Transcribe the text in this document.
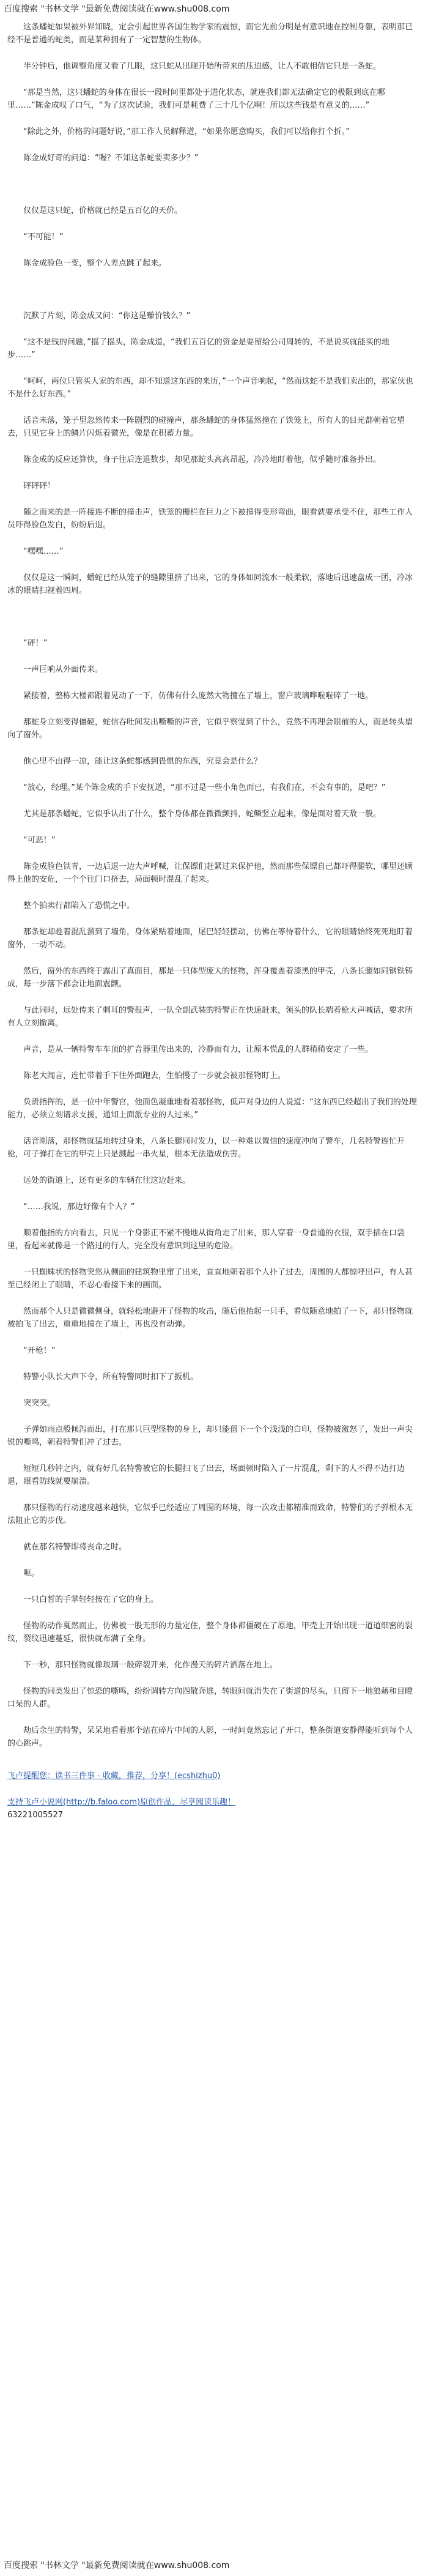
百度搜索 "书林文学 "最新免费阅读就在www.shu008.com

　　这条蟠蛇如果被外界知晓，定会引起世界各国生物学家的震惊，而它先前分明是有意识地在控制身躯，表明那已经不是普通的蛇类，而是某种拥有了一定智慧的生物体。

　　半分钟后，他调整角度又看了几眼，这只蛇从出现开始所带来的压迫感，让人不敢相信它只是一条蛇。

　　“那是当然，这只蟠蛇的身体在很长一段时间里都处于进化状态，就连我们都无法确定它的极限到底在哪里……”陈金成叹了口气，“为了这次试验，我们可是耗费了三十几个亿啊！所以这些钱是有意义的……”

　　“除此之外，价格的问题好说，”那工作人员解释道，“如果你愿意购买，我们可以给你打个折。”

　　陈金成好奇的问道：“喔？不知这条蛇要卖多少？”

　　仅仅是这只蛇，价格就已经是五百亿的天价。

　　“不可能！”

　　陈金成脸色一变，整个人差点跳了起来。

　　沉默了片刻，陈金成又问：“你这是赚价钱么？”

　　“这不是钱的问题，”摇了摇头，陈金成道，“我们五百亿的资金是要留给公司周转的，不是说买就能买的地步……”

　　“呵呵，两位只管买人家的东西，却不知道这东西的来历，”一个声音响起，“然而这蛇不是我们卖出的，那家伙也不是什么好东西。”

　　话音未落，笼子里忽然传来一阵剧烈的碰撞声，那条蟠蛇的身体猛然撞在了铁笼上，所有人的目光都朝着它望去，只见它身上的鳞片闪烁着微光，像是在积蓄力量。

　　陈金成的反应还算快，身子往后连退数步，却见那蛇头高高昂起，冷冷地盯着他，似乎随时准备扑出。

　　砰砰砰！

　　随之而来的是一阵接连不断的撞击声，铁笼的栅栏在巨力之下被撞得变形弯曲，眼看就要承受不住，那些工作人员吓得脸色发白，纷纷后退。

　　“嘿嘿……”

　　仅仅是这一瞬间，蟠蛇已经从笼子的缝隙里挤了出来，它的身体如同流水一般柔软，落地后迅速盘成一团，冷冰冰的眼睛扫视着四周。

　　“砰！”

　　一声巨响从外面传来。

　　紧接着，整栋大楼都跟着晃动了一下，仿佛有什么庞然大物撞在了墙上，窗户玻璃哗啦啦碎了一地。

　　那蛇身立刻变得僵硬，蛇信吞吐间发出嘶嘶的声音，它似乎察觉到了什么，竟然不再理会眼前的人，而是转头望向了窗外。

　　他心里不由得一凉，能让这条蛇都感到畏惧的东西，究竟会是什么？

　　“放心，经理。”某个陈金成的手下安抚道，“那不过是一些小角色而已，有我们在，不会有事的，是吧？”

　　尤其是那条蟠蛇，它似乎认出了什么，整个身体都在微微颤抖，蛇鳞竖立起来，像是面对着天敌一般。

　　“可恶！”

　　陈金成脸色铁青，一边后退一边大声呼喊，让保镖们赶紧过来保护他，然而那些保镖自己都吓得腿软，哪里还顾得上他的安危，一个个往门口挤去，局面顿时混乱了起来。

　　整个拍卖行都陷入了恐慌之中。

　　那条蛇却趁着混乱溜到了墙角，身体紧贴着地面，尾巴轻轻摆动，仿佛在等待着什么，它的眼睛始终死死地盯着窗外，一动不动。

　　然后，窗外的东西终于露出了真面目，那是一只体型庞大的怪物，浑身覆盖着漆黑的甲壳，八条长腿如同钢铁铸成，每一步落下都会让地面震颤。

　　与此同时，远处传来了刺耳的警报声，一队全副武装的特警正在快速赶来，领头的队长端着枪大声喊话，要求所有人立刻撤离。

　　声音，是从一辆特警车车顶的扩音器里传出来的，冷静而有力，让原本慌乱的人群稍稍安定了一些。

　　陈老大闻言，连忙带着手下往外面跑去，生怕慢了一步就会被那怪物盯上。

　　负责指挥的，是一位中年警官，他面色凝重地看着那怪物，低声对身边的人说道：“这东西已经超出了我们的处理能力，必须立刻请求支援，通知上面派专业的人过来。”

　　话音刚落，那怪物就猛地转过身来，八条长腿同时发力，以一种难以置信的速度冲向了警车，几名特警连忙开枪，可子弹打在它的甲壳上只是溅起一串火星，根本无法造成伤害。

　　远处的街道上，还有更多的车辆在往这边赶来。

　　“……我说，那边好像有个人？”

　　顺着他指的方向看去，只见一个身影正不紧不慢地从街角走了出来，那人穿着一身普通的衣服，双手插在口袋里，看起来就像是一个路过的行人，完全没有意识到这里的危险。

　　一只蜘蛛状的怪物突然从侧面的建筑物里窜了出来，直直地朝着那个人扑了过去，周围的人都惊呼出声，有人甚至已经闭上了眼睛，不忍心看接下来的画面。

　　然而那个人只是微微侧身，就轻松地避开了怪物的攻击，随后他抬起一只手，看似随意地拍了一下，那只怪物就被拍飞了出去，重重地撞在了墙上，再也没有动弹。

　　“开枪！”

　　特警小队长大声下令，所有特警同时扣下了扳机。

　　突突突。

　　子弹如雨点般倾泻而出，打在那只巨型怪物的身上，却只能留下一个个浅浅的白印，怪物被激怒了，发出一声尖锐的嘶鸣，朝着特警们冲了过去。

　　短短几秒钟之内，就有好几名特警被它的长腿扫飞了出去，场面顿时陷入了一片混乱，剩下的人不得不边打边退，眼看防线就要崩溃。

　　那只怪物的行动速度越来越快，它似乎已经适应了周围的环境，每一次攻击都精准而致命，特警们的子弹根本无法阻止它的步伐。

　　就在那名特警即将丧命之时。

　　呃。

　　一只白皙的手掌轻轻按在了它的身上。

　　怪物的动作戛然而止，仿佛被一股无形的力量定住，整个身体都僵硬在了原地，甲壳上开始出现一道道细密的裂纹，裂纹迅速蔓延，很快就布满了全身。

　　下一秒，那只怪物就像玻璃一般碎裂开来，化作漫天的碎片洒落在地上。

　　怪物的同类发出了惊恐的嘶鸣，纷纷调转方向四散奔逃，转眼间就消失在了街道的尽头，只留下一地狼藉和目瞪口呆的人群。

　　劫后余生的特警，呆呆地看着那个站在碎片中间的人影，一时间竟然忘记了开口，整条街道安静得能听到每个人的心跳声。

飞卢提醒您：读书三件事 - 收藏，推荐，分享！(ecshizhu0)
支持飞卢小说网(http://b.faloo.com)原创作品，尽享阅读乐趣！
63221005527
百度搜索 "书林文学 "最新免费阅读就在www.shu008.com
